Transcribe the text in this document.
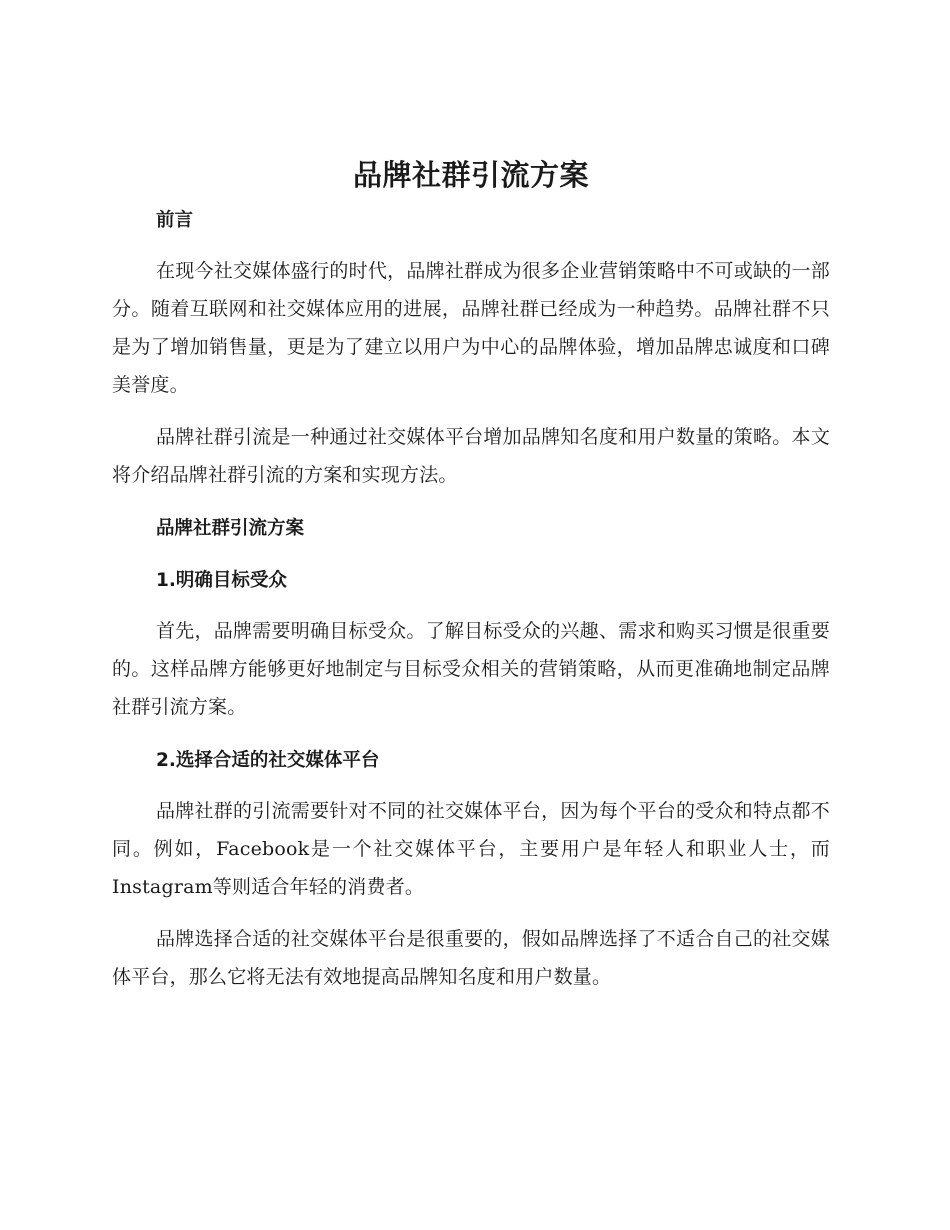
品牌社群引流方案
前言

在现今社交媒体盛行的时代，品牌社群成为很多企业营销策略中不可或缺的一部分。随着互联网和社交媒体应用的进展，品牌社群已经成为一种趋势。品牌社群不只是为了增加销售量，更是为了建立以用户为中心的品牌体验，增加品牌忠诚度和口碑美誉度。

品牌社群引流是一种通过社交媒体平台增加品牌知名度和用户数量的策略。本文将介绍品牌社群引流的方案和实现方法。

品牌社群引流方案
1.明确目标受众

首先，品牌需要明确目标受众。了解目标受众的兴趣、需求和购买习惯是很重要的。这样品牌方能够更好地制定与目标受众相关的营销策略，从而更准确地制定品牌社群引流方案。

2.选择合适的社交媒体平台

品牌社群的引流需要针对不同的社交媒体平台，因为每个平台的受众和特点都不同。例如，Facebook是一个社交媒体平台，主要用户是年轻人和职业人士，而Instagram等则适合年轻的消费者。

品牌选择合适的社交媒体平台是很重要的，假如品牌选择了不适合自己的社交媒体平台，那么它将无法有效地提高品牌知名度和用户数量。
